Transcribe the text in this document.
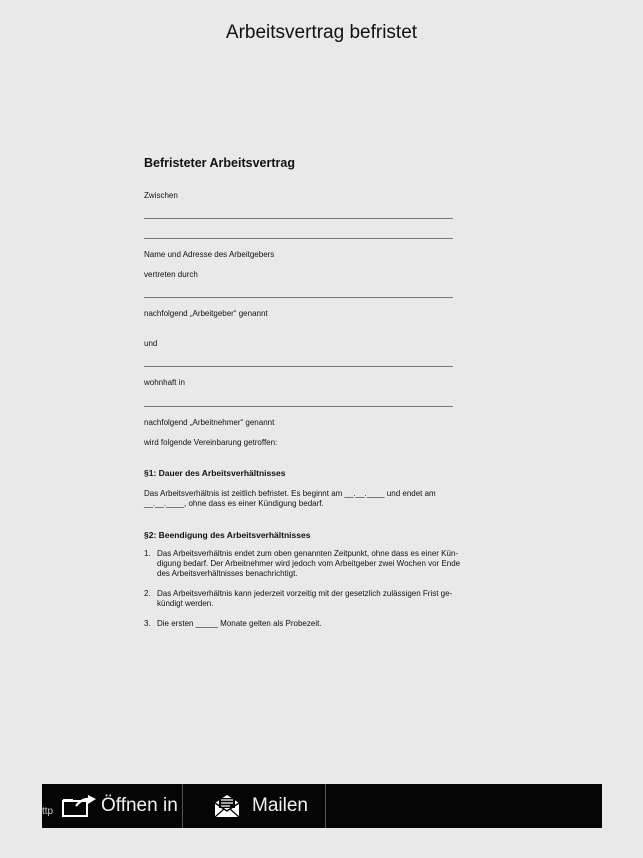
Arbeitsvertrag befristet
Befristeter Arbeitsvertrag
Zwischen
Name und Adresse des Arbeitgebers
vertreten durch
nachfolgend „Arbeitgeber“ genannt
und
wohnhaft in
nachfolgend „Arbeitnehmer“ genannt
wird folgende Vereinbarung getroffen:
§1: Dauer des Arbeitsverhältnisses
Das Arbeitsverhältnis ist zeitlich befristet. Es beginnt am __.__.____ und endet am
__.__.____, ohne dass es einer Kündigung bedarf.
§2: Beendigung des Arbeitsverhältnisses
1. Das Arbeitsverhältnis endet zum oben genannten Zeitpunkt, ohne dass es einer Kün-
digung bedarf. Der Arbeitnehmer wird jedoch vom Arbeitgeber zwei Wochen vor Ende
des Arbeitsverhältnisses benachrichtigt.
2. Das Arbeitsverhältnis kann jederzeit vorzeitig mit der gesetzlich zulässigen Frist ge-
kündigt werden.
3. Die ersten _____ Monate gelten als Probezeit.
ttp	Öffnen in	Mailen
